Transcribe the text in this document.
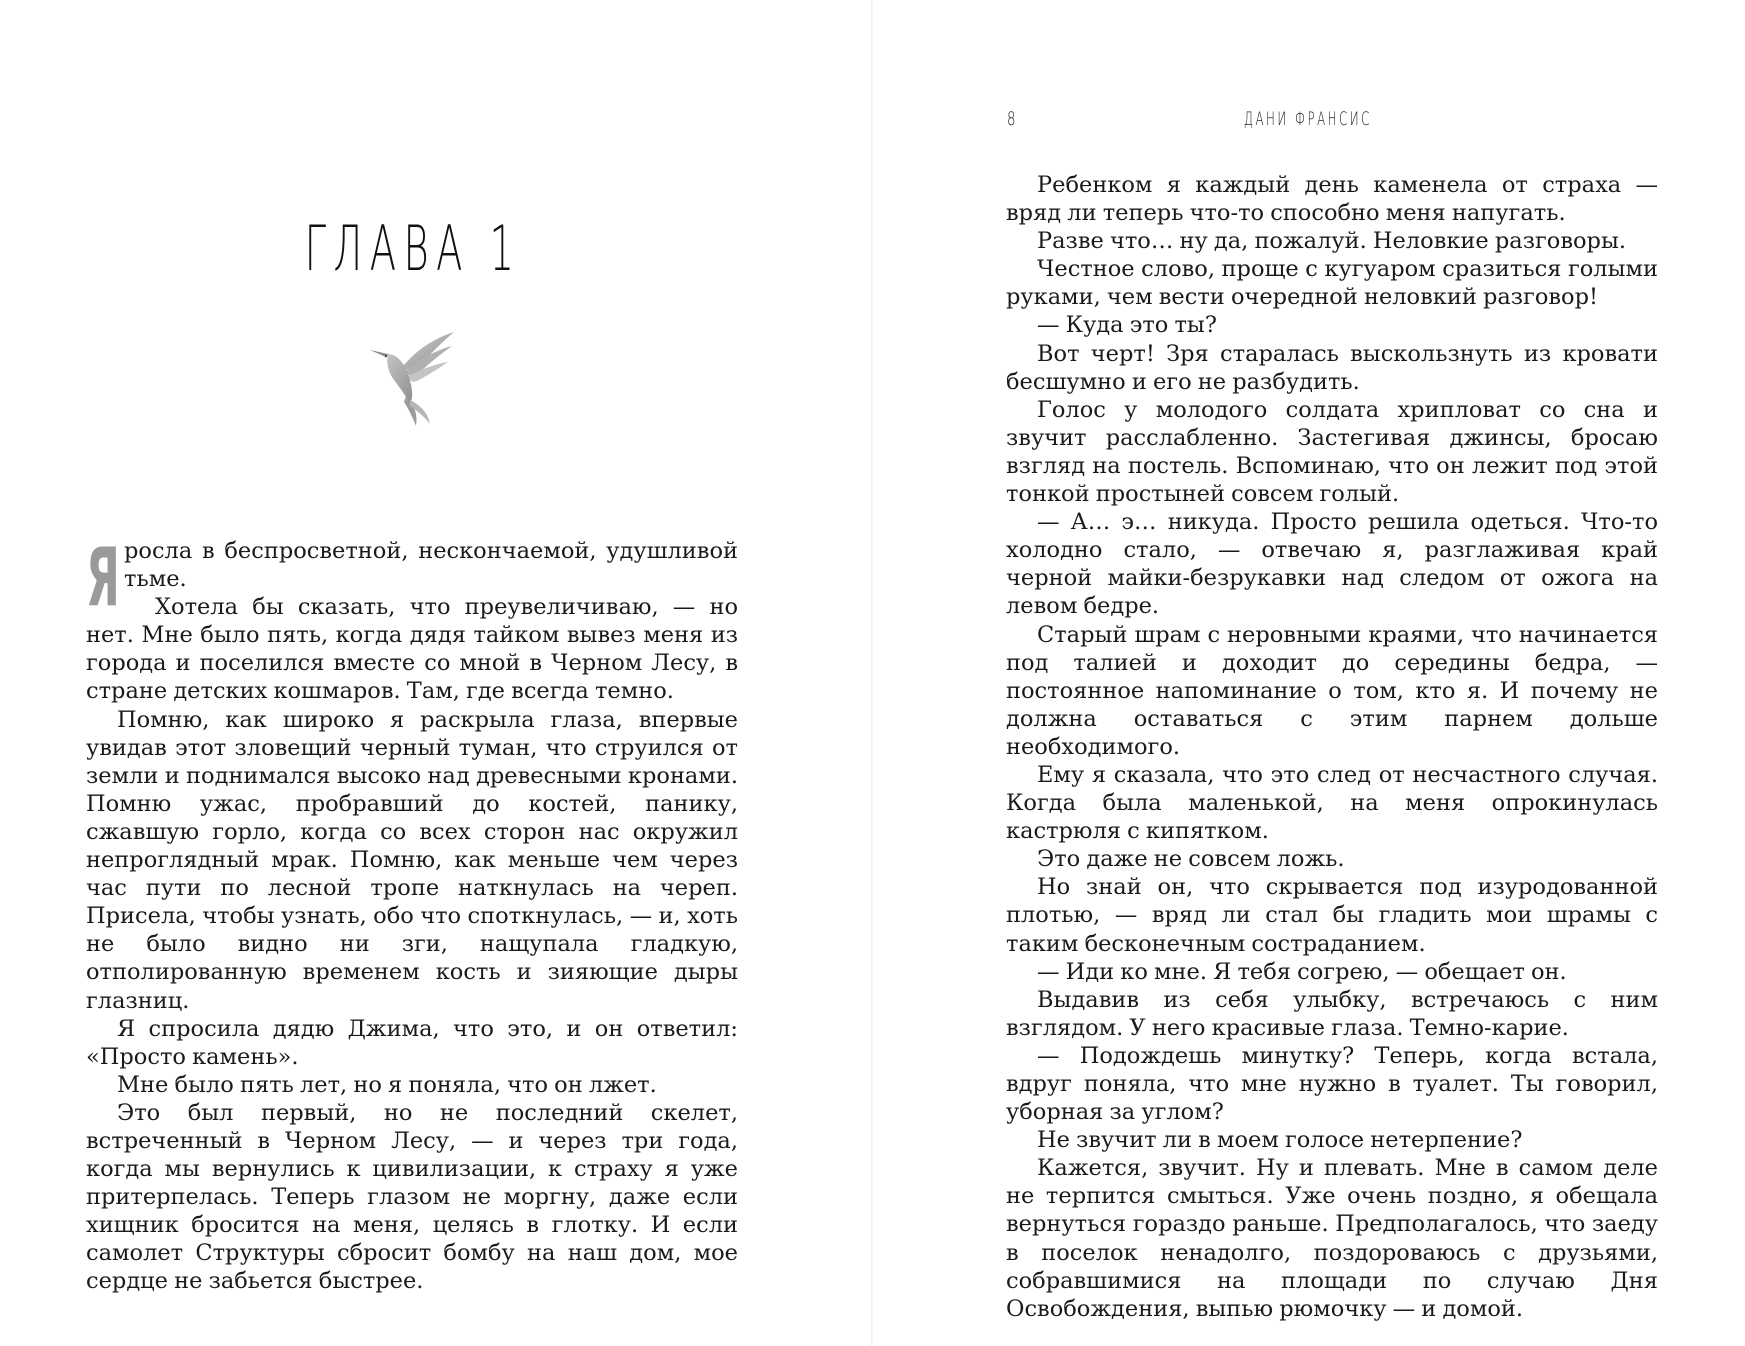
ГЛАВА 1

Яросла в беспросветной, нескончаемой, удушливой тьме.

Хотела бы сказать, что преувеличиваю, — но нет. Мне было пять, когда дядя тайком вывез меня из города и поселился вместе со мной в Черном Лесу, в стране детских кошмаров. Там, где всегда темно.

Помню, как широко я раскрыла глаза, впервые увидав этот зловещий черный туман, что струился от земли и поднимался высоко над древесными кронами. Помню ужас, пробравший до костей, панику, сжавшую горло, когда со всех сторон нас окружил непроглядный мрак. Помню, как меньше чем через час пути по лесной тропе наткнулась на череп. Присела, чтобы узнать, обо что споткнулась, — и, хоть не было видно ни зги, нащупала гладкую, отполированную временем кость и зияющие дыры глазниц.

Я спросила дядю Джима, что это, и он ответил: «Просто камень».

Мне было пять лет, но я поняла, что он лжет.

Это был первый, но не последний скелет, встреченный в Черном Лесу, — и через три года, когда мы вернулись к цивилизации, к страху я уже притерпелась. Теперь глазом не моргну, даже если хищник бросится на меня, целясь в глотку. И если самолет Структуры сбросит бомбу на наш дом, мое сердце не забьется быстрее.

8	ДАНИ ФРАНСИС

Ребенком я каждый день каменела от страха — вряд ли теперь что-то способно меня напугать.

Разве что… ну да, пожалуй. Неловкие разговоры.

Честное слово, проще с кугуаром сразиться голыми руками, чем вести очередной неловкий разговор!

— Куда это ты?

Вот черт! Зря старалась выскользнуть из кровати бесшумно и его не разбудить.

Голос у молодого солдата хрипловат со сна и звучит расслабленно. Застегивая джинсы, бросаю взгляд на постель. Вспоминаю, что он лежит под этой тонкой простыней совсем голый.

— А… э… никуда. Просто решила одеться. Что-то холодно стало, — отвечаю я, разглаживая край черной майки-безрукавки над следом от ожога на левом бедре.

Старый шрам с неровными краями, что начинается под талией и доходит до середины бедра, — постоянное напоминание о том, кто я. И почему не должна оставаться с этим парнем дольше необходимого.

Ему я сказала, что это след от несчастного случая. Когда была маленькой, на меня опрокинулась кастрюля с кипятком.

Это даже не совсем ложь.

Но знай он, что скрывается под изуродованной плотью, — вряд ли стал бы гладить мои шрамы с таким бесконечным состраданием.

— Иди ко мне. Я тебя согрею, — обещает он.

Выдавив из себя улыбку, встречаюсь с ним взглядом. У него красивые глаза. Темно-карие.

— Подождешь минутку? Теперь, когда встала, вдруг поняла, что мне нужно в туалет. Ты говорил, уборная за углом?

Не звучит ли в моем голосе нетерпение?

Кажется, звучит. Ну и плевать. Мне в самом деле не терпится смыться. Уже очень поздно, я обещала вернуться гораздо раньше. Предполагалось, что заеду в поселок ненадолго, поздороваюсь с друзьями, собравшимися на площади по случаю Дня Освобождения, выпью рюмочку — и домой.
